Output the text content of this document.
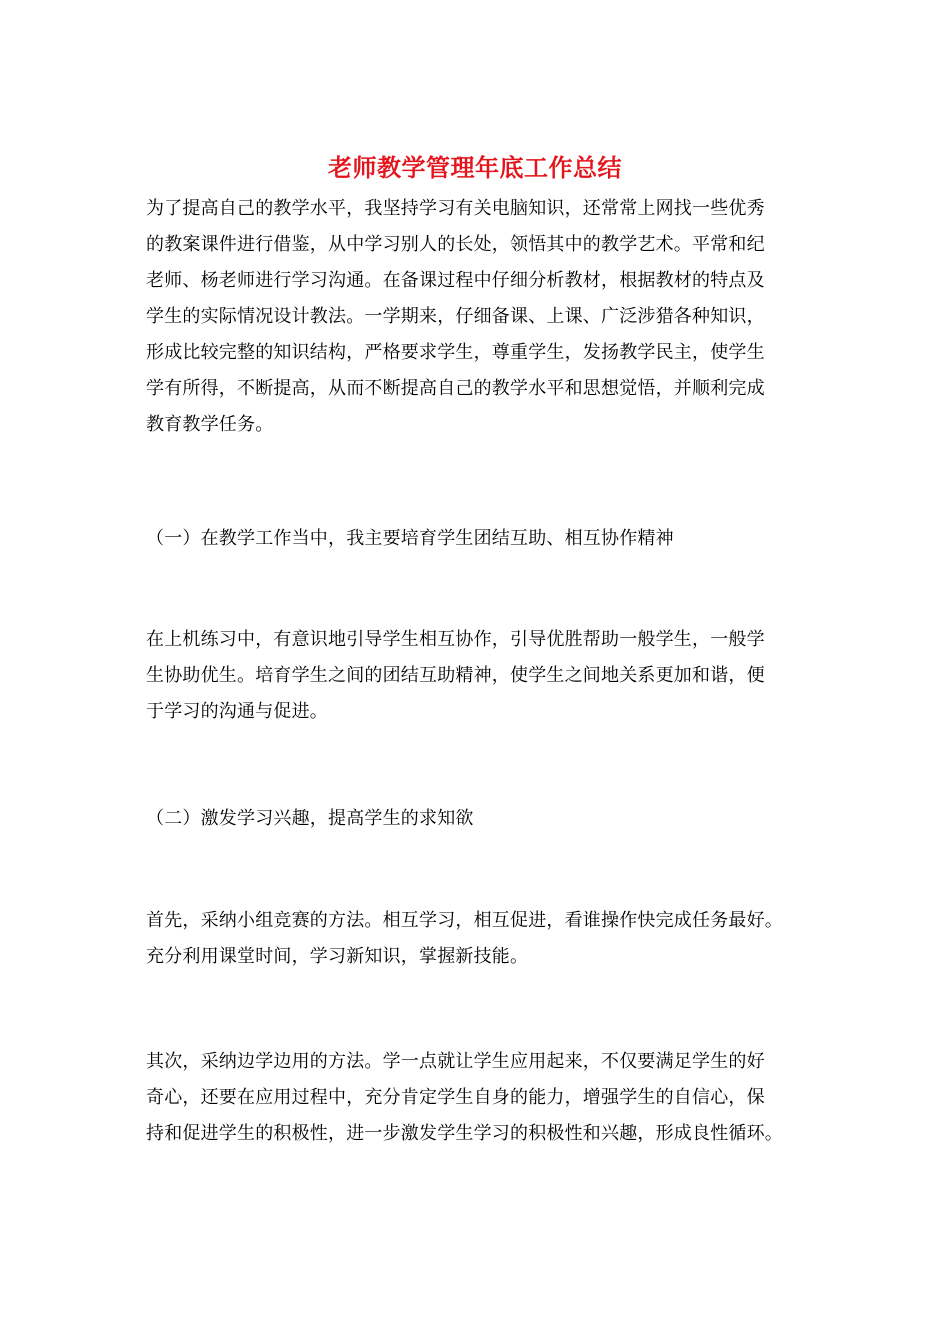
老师教学管理年底工作总结
为了提高自己的教学水平，我坚持学习有关电脑知识，还常常上网找一些优秀
的教案课件进行借鉴，从中学习别人的长处，领悟其中的教学艺术。平常和纪
老师、杨老师进行学习沟通。在备课过程中仔细分析教材，根据教材的特点及
学生的实际情况设计教法。一学期来，仔细备课、上课、广泛涉猎各种知识，
形成比较完整的知识结构，严格要求学生，尊重学生，发扬教学民主，使学生
学有所得，不断提高，从而不断提高自己的教学水平和思想觉悟，并顺利完成
教育教学任务。
（一）在教学工作当中，我主要培育学生团结互助、相互协作精神
在上机练习中，有意识地引导学生相互协作，引导优胜帮助一般学生，一般学
生协助优生。培育学生之间的团结互助精神，使学生之间地关系更加和谐，便
于学习的沟通与促进。
（二）激发学习兴趣，提高学生的求知欲
首先，采纳小组竞赛的方法。相互学习，相互促进，看谁操作快完成任务最好。
充分利用课堂时间，学习新知识，掌握新技能。
其次，采纳边学边用的方法。学一点就让学生应用起来，不仅要满足学生的好
奇心，还要在应用过程中，充分肯定学生自身的能力，增强学生的自信心，保
持和促进学生的积极性，进一步激发学生学习的积极性和兴趣，形成良性循环。
